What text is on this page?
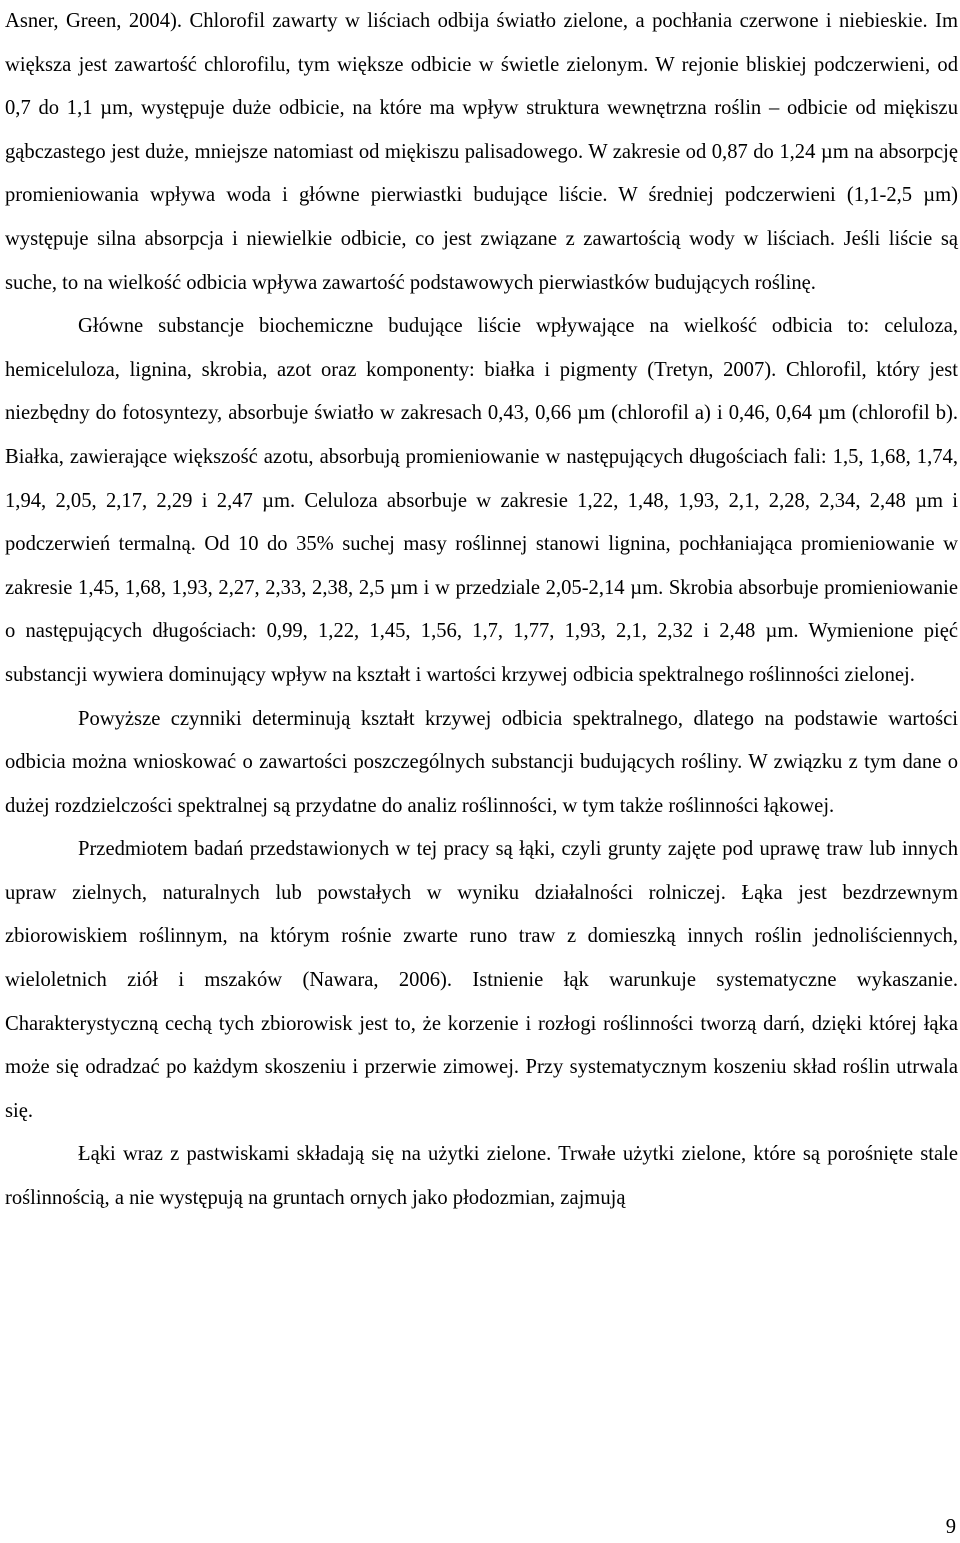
Asner, Green, 2004). Chlorofil zawarty w liściach odbija światło zielone, a pochłania czerwone i niebieskie. Im większa jest zawartość chlorofilu, tym większe odbicie w świetle zielonym. W rejonie bliskiej podczerwieni, od 0,7 do 1,1 µm, występuje duże odbicie, na które ma wpływ struktura wewnętrzna roślin – odbicie od miękiszu gąbczastego jest duże, mniejsze natomiast od miękiszu palisadowego. W zakresie od 0,87 do 1,24 µm na absorpcję promieniowania wpływa woda i główne pierwiastki budujące liście. W średniej podczerwieni (1,1-2,5 µm) występuje silna absorpcja i niewielkie odbicie, co jest związane z zawartością wody w liściach. Jeśli liście są suche, to na wielkość odbicia wpływa zawartość podstawowych pierwiastków budujących roślinę.

Główne substancje biochemiczne budujące liście wpływające na wielkość odbicia to: celuloza, hemiceluloza, lignina, skrobia, azot oraz komponenty: białka i pigmenty (Tretyn, 2007). Chlorofil, który jest niezbędny do fotosyntezy, absorbuje światło w zakresach 0,43, 0,66 µm (chlorofil a) i 0,46, 0,64 µm (chlorofil b). Białka, zawierające większość azotu, absorbują promieniowanie w następujących długościach fali: 1,5, 1,68, 1,74, 1,94, 2,05, 2,17, 2,29 i 2,47 µm. Celuloza absorbuje w zakresie 1,22, 1,48, 1,93, 2,1, 2,28, 2,34, 2,48 µm i podczerwień termalną. Od 10 do 35% suchej masy roślinnej stanowi lignina, pochłaniająca promieniowanie w zakresie 1,45, 1,68, 1,93, 2,27, 2,33, 2,38, 2,5 µm i w przedziale 2,05-2,14 µm. Skrobia absorbuje promieniowanie o następujących długościach: 0,99, 1,22, 1,45, 1,56, 1,7, 1,77, 1,93, 2,1, 2,32 i 2,48 µm. Wymienione pięć substancji wywiera dominujący wpływ na kształt i wartości krzywej odbicia spektralnego roślinności zielonej.

Powyższe czynniki determinują kształt krzywej odbicia spektralnego, dlatego na podstawie wartości odbicia można wnioskować o zawartości poszczególnych substancji budujących rośliny. W związku z tym dane o dużej rozdzielczości spektralnej są przydatne do analiz roślinności, w tym także roślinności łąkowej.

Przedmiotem badań przedstawionych w tej pracy są łąki, czyli grunty zajęte pod uprawę traw lub innych upraw zielnych, naturalnych lub powstałych w wyniku działalności rolniczej. Łąka jest bezdrzewnym zbiorowiskiem roślinnym, na którym rośnie zwarte runo traw z domieszką innych roślin jednoliściennych, wieloletnich ziół i mszaków (Nawara, 2006). Istnienie łąk warunkuje systematyczne wykaszanie. Charakterystyczną cechą tych zbiorowisk jest to, że korzenie i rozłogi roślinności tworzą darń, dzięki której łąka może się odradzać po każdym skoszeniu i przerwie zimowej. Przy systematycznym koszeniu skład roślin utrwala się.

Łąki wraz z pastwiskami składają się na użytki zielone. Trwałe użytki zielone, które są porośnięte stale roślinnością, a nie występują na gruntach ornych jako płodozmian, zajmują

9
